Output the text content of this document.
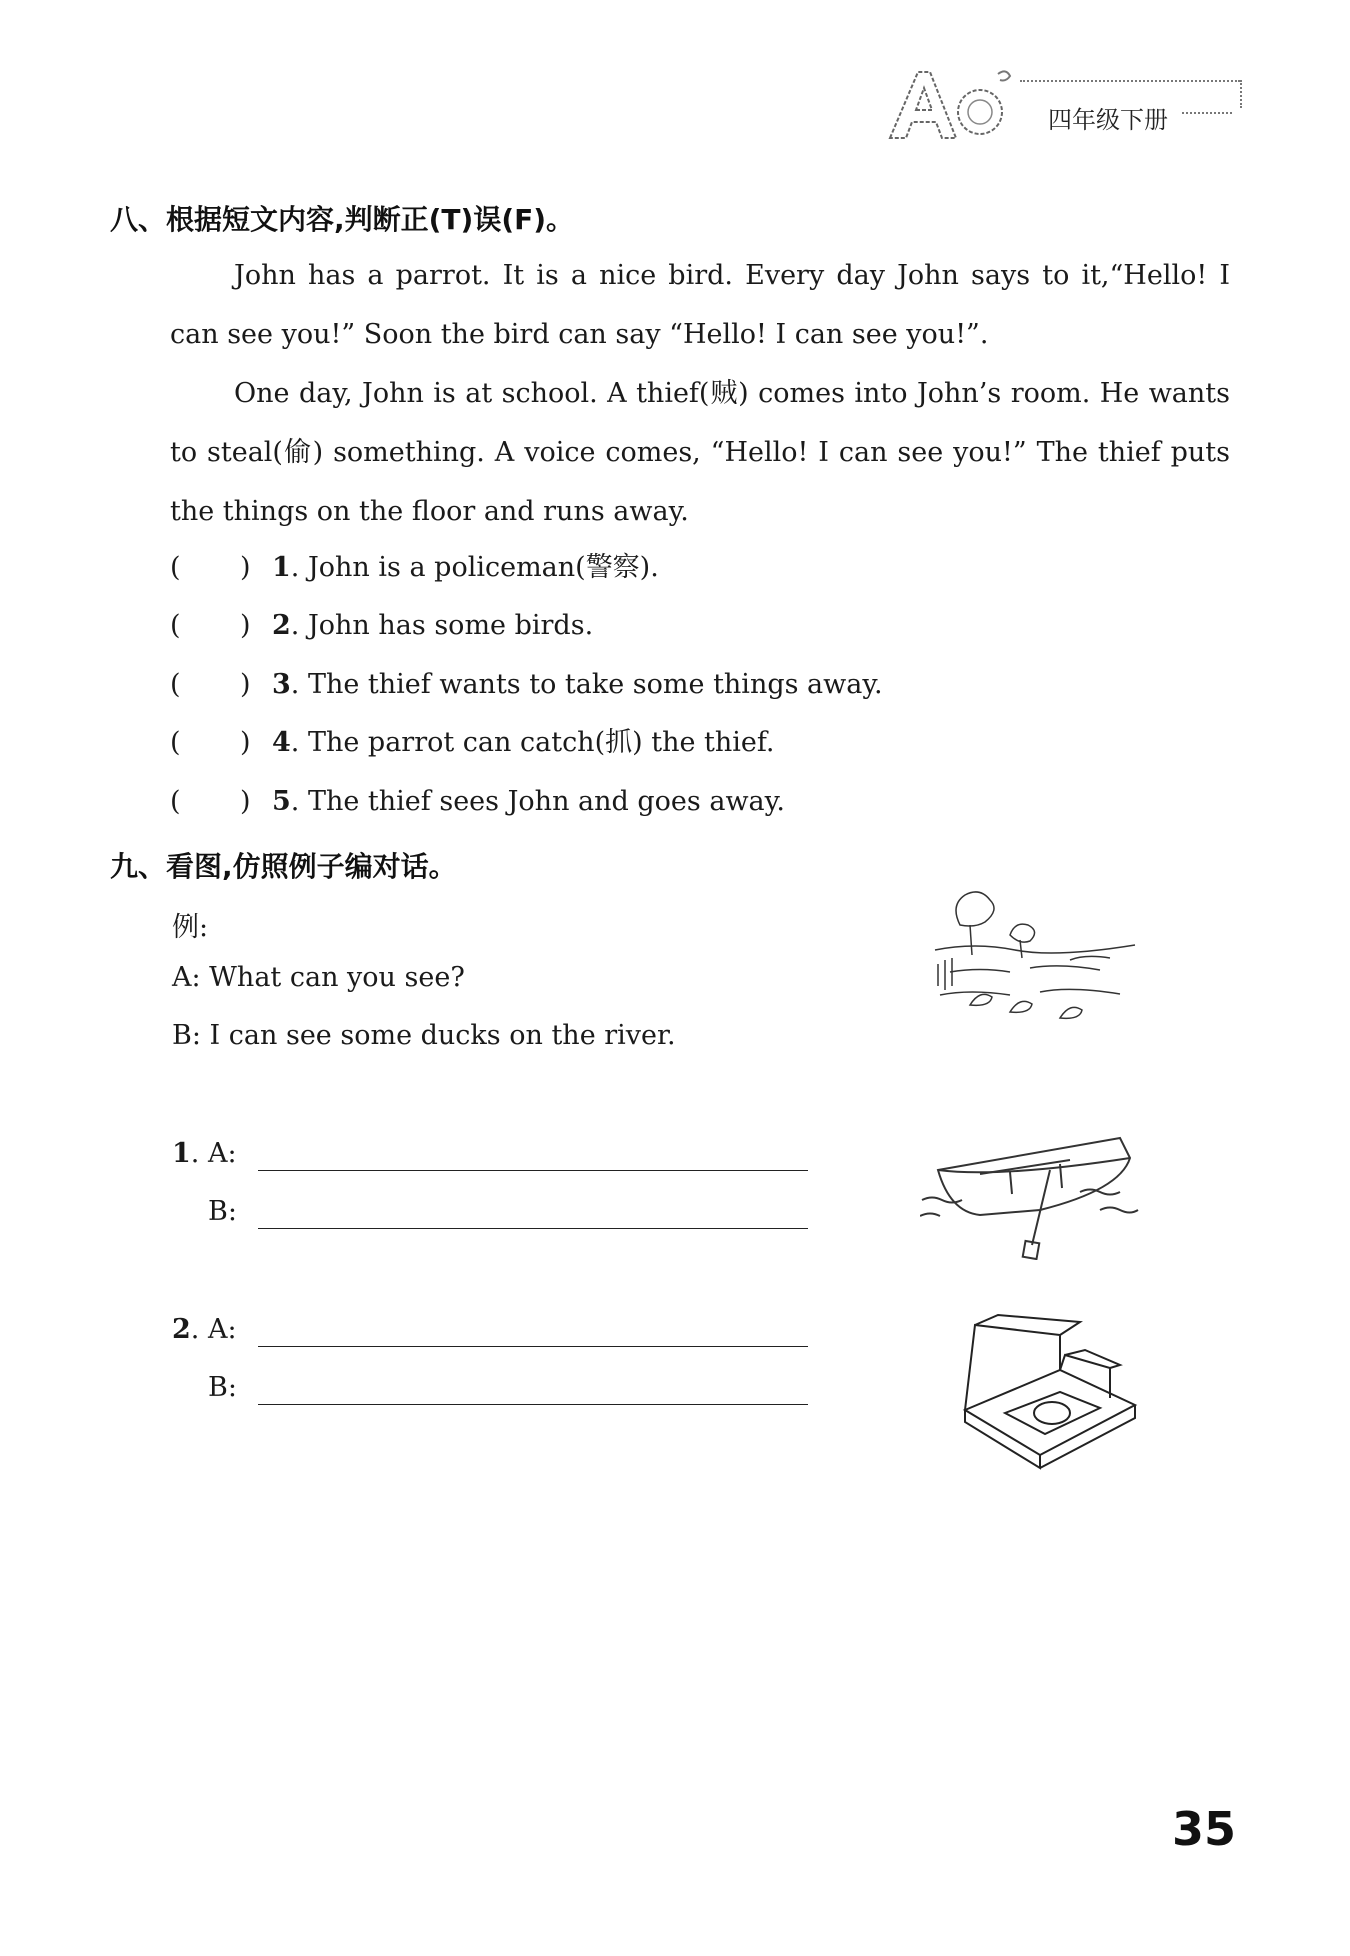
四年级下册
八、根据短文内容,判断正(T)误(F)。

John has a parrot. It is a nice bird. Every day John says to it,“Hello! I can see you!” Soon the bird can say “Hello! I can see you!”.

One day, John is at school. A thief(贼) comes into John’s room. He wants to steal(偷) something. A voice comes, “Hello! I can see you!” The thief puts the things on the floor and runs away.

( ) 1. John is a policeman(警察).
( ) 2. John has some birds.
( ) 3. The thief wants to take some things away.
( ) 4. The parrot can catch(抓) the thief.
( ) 5. The thief sees John and goes away.
九、看图,仿照例子编对话。
例:
A: What can you see?
B: I can see some ducks on the river.
1. A:
B:
2. A:
B:
35
